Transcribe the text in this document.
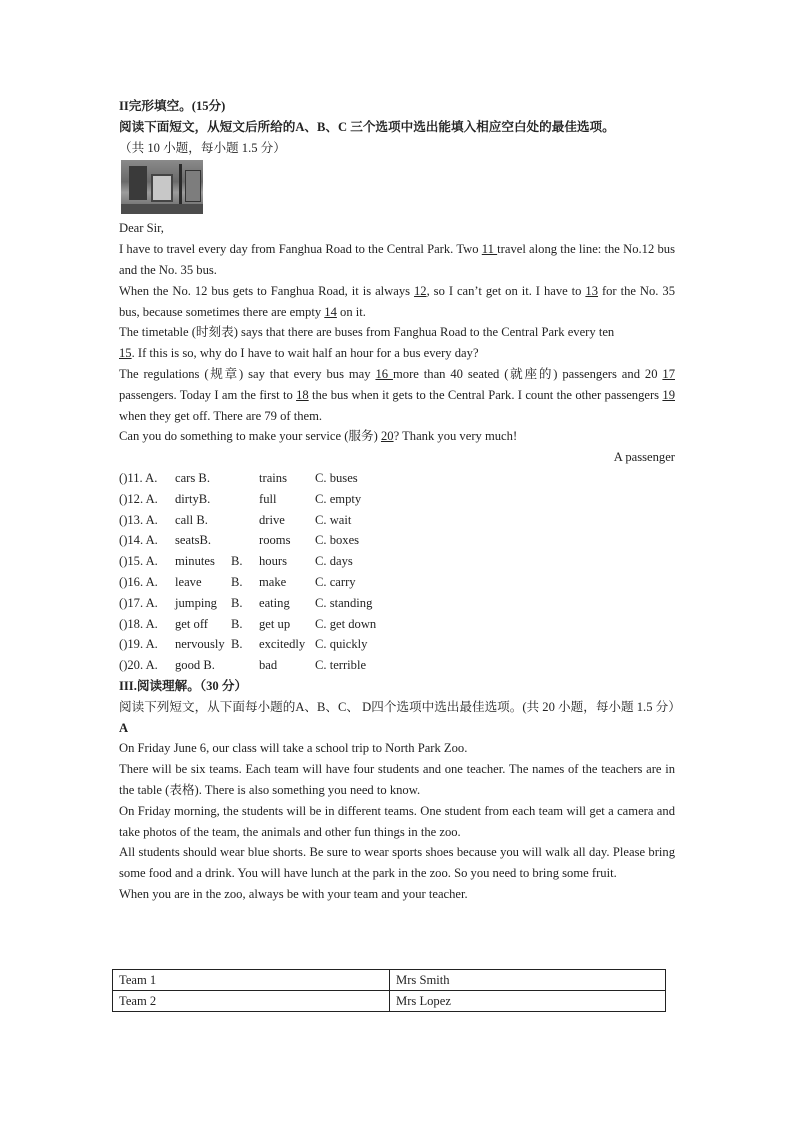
II完形填空。(15分)

阅读下面短文，从短文后所给的A、B、C 三个选项中选出能填入相应空白处的最佳选项。

（共 10 小题，每小题 1.5 分）

Dear Sir,

I have to travel every day from Fanghua Road to the Central Park. Two 11 travel along the line: the No.12 bus and the No. 35 bus.

When the No. 12 bus gets to Fanghua Road, it is always 12, so I can’t get on it. I have to 13 for the No. 35 bus, because sometimes there are empty 14 on it.

The timetable (时刻表) says that there are buses from Fanghua Road to the Central Park every ten
15. If this is so, why do I have to wait half an hour for a bus every day?

The regulations (规章) say that every bus may 16 more than 40 seated (就座的) passengers and 20 17 passengers. Today I am the first to 18 the bus when it gets to the Central Park. I count the other passengers 19 when they get off. There are 79 of them.

Can you do something to make your service (服务) 20? Thank you very much!

A passenger

()11. A.	cars B.	trains	C. buses
()12. A.	dirtyB.	full	C. empty
()13. A.	call B.	drive	C. wait
()14. A.	seatsB.	rooms	C. boxes
()15. A.	minutes	B.	hours	C. days
()16. A.	leave	B.	make	C. carry
()17. A.	jumping	B.	eating	C. standing
()18. A.	get off	B.	get up	C. get down
()19. A.	nervously B.	excitedly C. quickly
()20. A.	good B.	bad	C. terrible

III.阅读理解。（30 分）

阅读下列短文，从下面每小题的A、B、C、 D四个选项中选出最佳选项。(共 20 小题，每小题 1.5 分）

A

On Friday June 6, our class will take a school trip to North Park Zoo.

There will be six teams. Each team will have four students and one teacher. The names of the teachers are in the table (表格). There is also something you need to know.

On Friday morning, the students will be in different teams. One student from each team will get a camera and take photos of the team, the animals and other fun things in the zoo.

All students should wear blue shorts. Be sure to wear sports shoes because you will walk all day. Please bring some food and a drink. You will have lunch at the park in the zoo. So you need to bring some fruit.

When you are in the zoo, always be with your team and your teacher.

Team 1	Mrs Smith
Team 2	Mrs Lopez
